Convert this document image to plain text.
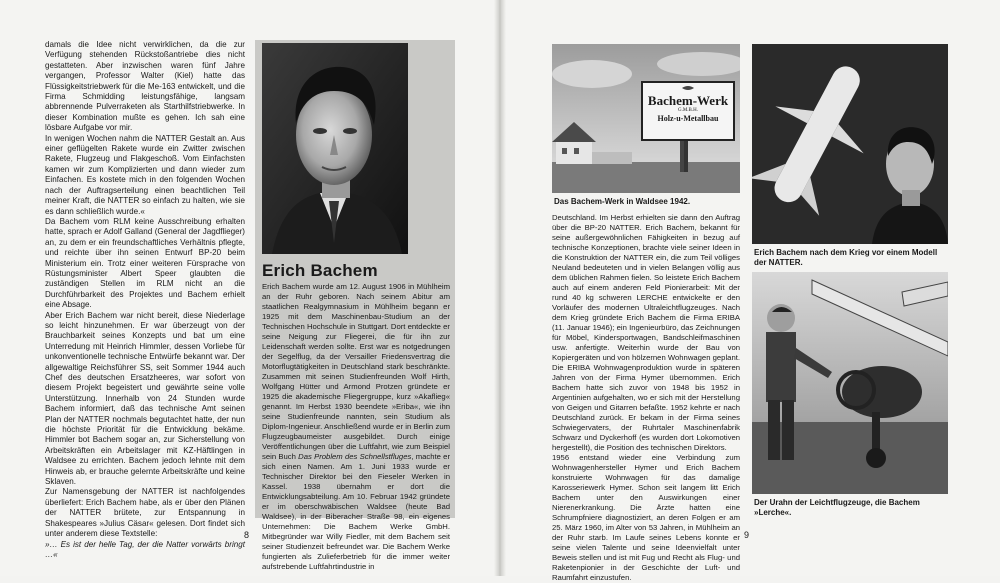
damals die Idee nicht verwirklichen, da die zur Verfügung stehenden Rückstoßantriebe dies nicht gestatteten. Aber inzwischen waren fünf Jahre vergangen, Professor Walter (Kiel) hatte das Flüssigkeitstriebwerk für die Me-163 entwickelt, und die Firma Schmidding leistungsfähige, langsam abbrennende Pulverraketen als Starthilfstriebwerke. In dieser Kombination mußte es gehen. Ich sah eine lösbare Aufgabe vor mir.

In wenigen Wochen nahm die NATTER Gestalt an. Aus einer geflügelten Rakete wurde ein Zwitter zwischen Rakete, Flugzeug und Flakgeschoß. Vom Einfachsten kamen wir zum Komplizierten und dann wieder zum Einfachen. Es kostete mich in den folgenden Wochen nach der Auftragserteilung einen beachtlichen Teil meiner Kraft, die NATTER so einfach zu halten, wie sie es dann schließlich wurde.«

Da Bachem vom RLM keine Ausschreibung erhalten hatte, sprach er Adolf Galland (General der Jagdflieger) an, zu dem er ein freundschaftliches Verhältnis pflegte, und reichte über ihn seinen Entwurf BP-20 beim Ministerium ein. Trotz einer weiteren Fürsprache von Rüstungsminister Albert Speer glaubten die zuständigen Stellen im RLM nicht an die Durchführbarkeit des Projektes und Bachem erhielt eine Absage.

Aber Erich Bachem war nicht bereit, diese Niederlage so leicht hinzunehmen. Er war überzeugt von der Brauchbarkeit seines Konzepts und bat um eine Unterredung mit Heinrich Himmler, dessen Vorliebe für unkonventionelle technische Entwürfe bekannt war. Der allgewaltige Reichsführer SS, seit Sommer 1944 auch Chef des deutschen Ersatzheeres, war sofort von diesem Projekt begeistert und gewährte seine volle Unterstützung. Innerhalb von 24 Stunden wurde Bachem informiert, daß das technische Amt seinen Plan der NATTER nochmals begutachtet hatte, der nun die höchste Priorität für die Entwicklung bekäme. Himmler bot Bachem sogar an, zur Sicherstellung von Arbeitskräften ein Arbeitslager mit KZ-Häftlingen in Waldsee zu errichten. Bachem jedoch lehnte mit dem Hinweis ab, er brauche gelernte Arbeitskräfte und keine Sklaven.

Zur Namensgebung der NATTER ist nachfolgendes überliefert: Erich Bachem habe, als er über den Plänen der NATTER brütete, zur Entspannung in Shakespeares »Julius Cäsar« gelesen. Dort findet sich unter anderem diese Textstelle:

»… Es ist der helle Tag, der die Natter vorwärts bringt …«

Erich Bachem

Erich Bachem wurde am 12. August 1906 in Mühlheim an der Ruhr geboren. Nach seinem Abitur am staatlichen Realgymnasium in Mühlheim begann er 1925 mit dem Maschinenbau-Studium an der Technischen Hochschule in Stuttgart. Dort entdeckte er seine Neigung zur Fliegerei, die für ihn zur Leidenschaft werden sollte. Erst war es notgedrungen der Segelflug, da der Versailler Friedensvertrag die Motorflugtätigkeiten in Deutschland stark beschränkte. Zusammen mit seinen Studienfreunden Wolf Hirth, Wolfgang Hütter und Armond Protzen gründete er 1925 die akademische Fliegergruppe, kurz »Akaflieg« genannt. Im Herbst 1930 beendete »Eriba«, wie ihn seine Studienfreunde nannten, sein Studium als Diplom-Ingenieur. Anschließend wurde er in Berlin zum Flugzeugbaumeister ausgebildet. Durch einige Veröffentlichungen über die Luftfahrt, wie zum Beispiel sein Buch Das Problem des Schnellstfluges, machte er sich einen Namen. Am 1. Juni 1933 wurde er Technischer Direktor bei den Fieseler Werken in Kassel. 1938 übernahm er dort die Entwicklungsabteilung. Am 10. Februar 1942 gründete er im oberschwäbischen Waldsee (heute Bad Waldsee), in der Biberacher Straße 98, ein eigenes Unternehmen: Die Bachem Werke GmbH. Mitbegründer war Willy Fiedler, mit dem Bachem seit seiner Studienzeit befreundet war. Die Bachem Werke fungierten als Zulieferbetrieb für die immer weiter aufstrebende Luftfahrtindustrie in

8
Bachem-Werk
G.M.B.H.
Holz-u-Metallbau
Das Bachem-Werk in Waldsee 1942.

Deutschland. Im Herbst erhielten sie dann den Auftrag über die BP-20 NATTER. Erich Bachem, bekannt für seine außergewöhnlichen Fähigkeiten in bezug auf technische Konzeptionen, brachte viele seiner Ideen in die Konstruktion der NATTER ein, die zum Teil völliges Neuland bedeuteten und in vielen Belangen völlig aus dem üblichen Rahmen fielen. So leistete Erich Bachem auch auf einem anderen Feld Pionierarbeit: Mit der rund 40 kg schweren LERCHE entwickelte er den Vorläufer des modernen Ultraleichtflugzeuges. Nach dem Krieg gründete Erich Bachem die Firma ERIBA (11. Januar 1946); ein Ingenieurbüro, das Zeichnungen für Möbel, Kindersportwagen, Bandschleifmaschinen usw. anfertigte. Weiterhin wurde der Bau von Kopiergeräten und von hölzernen Wohnwagen geplant. Die ERIBA Wohnwagenproduktion wurde in späteren Jahren von der Firma Hymer übernommen. Erich Bachem hatte sich zuvor von 1948 bis 1952 in Argentinien aufgehalten, wo er sich mit der Herstellung von Geigen und Gitarren befaßte. 1952 kehrte er nach Deutschland zurück. Er bekam in der Firma seines Schwiegervaters, der Ruhrtaler Maschinenfabrik Schwarz und Dyckerhoff (es wurden dort Lokomotiven hergestellt), die Position des technischen Direktors.

1956 entstand wieder eine Verbindung zum Wohnwagenhersteller Hymer und Erich Bachem konstruierte Wohnwagen für das damalige Karosseriewerk Hymer. Schon seit langem litt Erich Bachem unter den Auswirkungen einer Nierenerkrankung. Die Ärzte hatten eine Schrumpfniere diagnostiziert, an deren Folgen er am 25. März 1960, im Alter von 53 Jahren, in Mühlheim an der Ruhr starb. Im Laufe seines Lebens konnte er seine vielen Talente und seine Ideenvielfalt unter Beweis stellen und ist mit Fug und Recht als Flug- und Raketenpionier in der Geschichte der Luft- und Raumfahrt einzustufen.

Erich Bachem nach dem Krieg vor einem Modell der NATTER.
Der Urahn der Leichtflugzeuge, die Bachem »Lerche«.
9
